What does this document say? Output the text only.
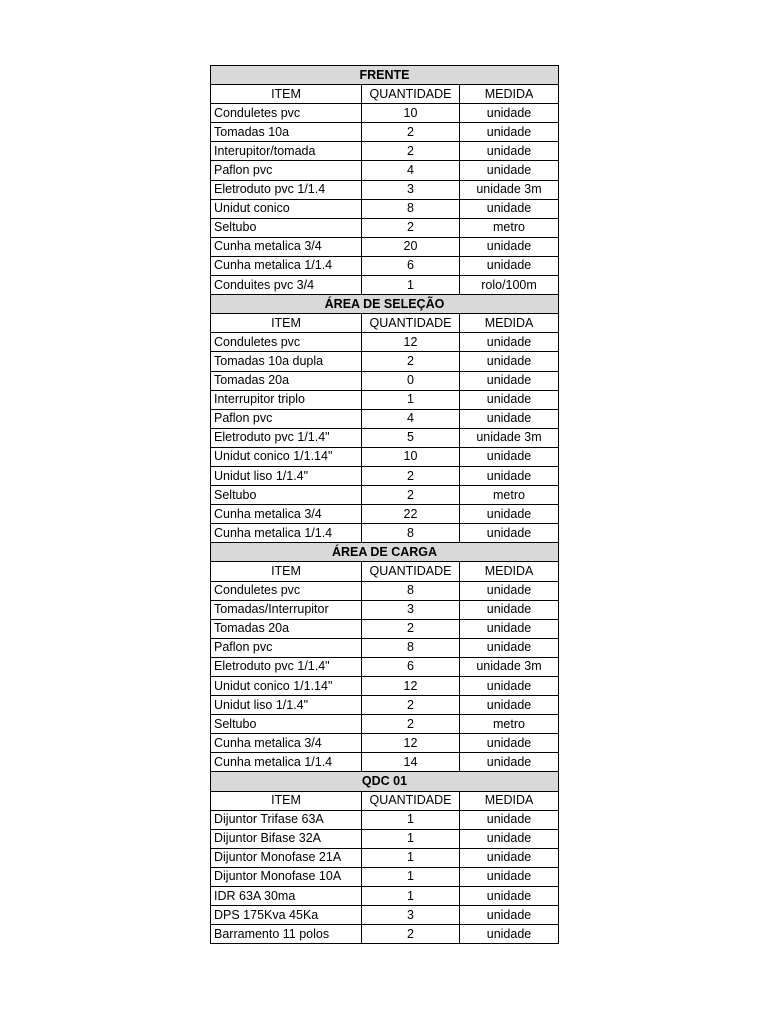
FRENTE		
ITEM	QUANTIDADE	MEDIDA
Conduletes pvc	10	unidade
Tomadas 10a	2	unidade
Interupitor/tomada	2	unidade
Paflon pvc	4	unidade
Eletroduto pvc 1/1.4	3	unidade 3m
Unidut conico	8	unidade
Seltubo	2	metro
Cunha metalica 3/4	20	unidade
Cunha metalica 1/1.4	6	unidade
Conduites pvc 3/4	1	rolo/100m
ÁREA DE SELEÇÃO		
ITEM	QUANTIDADE	MEDIDA
Conduletes pvc	12	unidade
Tomadas 10a dupla	2	unidade
Tomadas 20a	0	unidade
Interrupitor triplo	1	unidade
Paflon pvc	4	unidade
Eletroduto pvc 1/1.4"	5	unidade 3m
Unidut conico 1/1.14"	10	unidade
Unidut liso 1/1.4"	2	unidade
Seltubo	2	metro
Cunha metalica 3/4	22	unidade
Cunha metalica 1/1.4	8	unidade
ÁREA DE CARGA		
ITEM	QUANTIDADE	MEDIDA
Conduletes pvc	8	unidade
Tomadas/Interrupitor	3	unidade
Tomadas 20a	2	unidade
Paflon pvc	8	unidade
Eletroduto pvc 1/1.4"	6	unidade 3m
Unidut conico 1/1.14"	12	unidade
Unidut liso 1/1.4"	2	unidade
Seltubo	2	metro
Cunha metalica 3/4	12	unidade
Cunha metalica 1/1.4	14	unidade
QDC 01		
ITEM	QUANTIDADE	MEDIDA
Dijuntor Trifase 63A	1	unidade
Dijuntor Bifase 32A	1	unidade
Dijuntor Monofase 21A	1	unidade
Dijuntor Monofase 10A	1	unidade
IDR 63A 30ma	1	unidade
DPS 175Kva 45Ka	3	unidade
Barramento 11 polos	2	unidade
